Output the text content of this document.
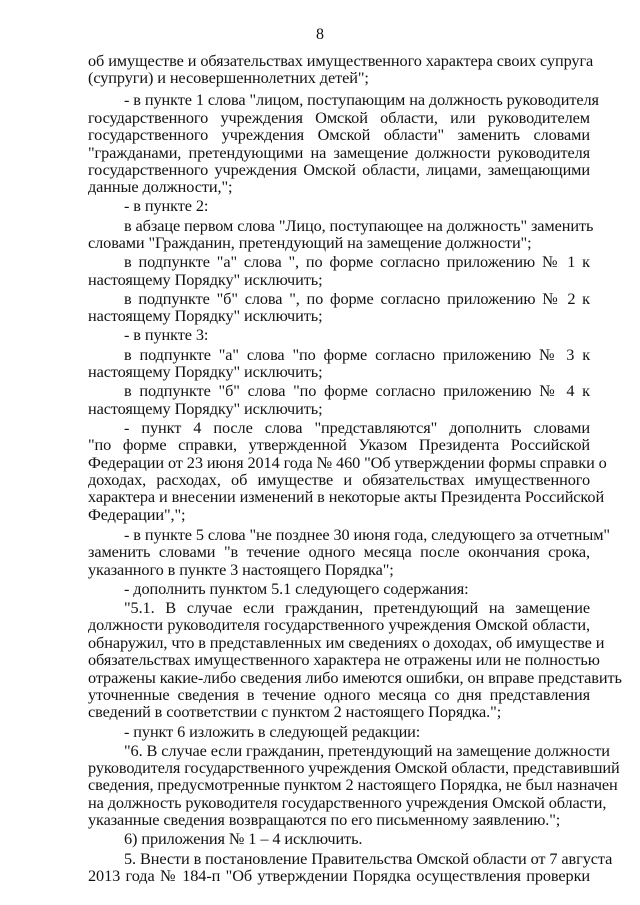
8
об имуществе и обязательствах имущественного характера своих супруга
(супруги) и несовершеннолетних детей";
- в пункте 1 слова "лицом, поступающим на должность руководителя
государственного учреждения Омской области, или руководителем
государственного учреждения Омской области" заменить словами
"гражданами, претендующими на замещение должности руководителя
государственного учреждения Омской области, лицами, замещающими
данные должности,";
- в пункте 2:
в абзаце первом слова "Лицо, поступающее на должность" заменить
словами "Гражданин, претендующий на замещение должности";
в подпункте "а" слова ", по форме согласно приложению № 1 к
настоящему Порядку" исключить;
в подпункте "б" слова ", по форме согласно приложению № 2 к
настоящему Порядку" исключить;
- в пункте 3:
в подпункте "а" слова "по форме согласно приложению № 3 к
настоящему Порядку" исключить;
в подпункте "б" слова "по форме согласно приложению № 4 к
настоящему Порядку" исключить;
- пункт 4 после слова "представляются" дополнить словами
"по форме справки, утвержденной Указом Президента Российской
Федерации от 23 июня 2014 года № 460 "Об утверждении формы справки о
доходах, расходах, об имуществе и обязательствах имущественного
характера и внесении изменений в некоторые акты Президента Российской
Федерации",";
- в пункте 5 слова "не позднее 30 июня года, следующего за отчетным"
заменить словами "в течение одного месяца после окончания срока,
указанного в пункте 3 настоящего Порядка";
- дополнить пунктом 5.1 следующего содержания:
"5.1. В случае если гражданин, претендующий на замещение
должности руководителя государственного учреждения Омской области,
обнаружил, что в представленных им сведениях о доходах, об имуществе и
обязательствах имущественного характера не отражены или не полностью
отражены какие-либо сведения либо имеются ошибки, он вправе представить
уточненные сведения в течение одного месяца со дня представления
сведений в соответствии с пунктом 2 настоящего Порядка.";
- пункт 6 изложить в следующей редакции:
"6. В случае если гражданин, претендующий на замещение должности
руководителя государственного учреждения Омской области, представивший
сведения, предусмотренные пунктом 2 настоящего Порядка, не был назначен
на должность руководителя государственного учреждения Омской области,
указанные сведения возвращаются по его письменному заявлению.";
6) приложения № 1 – 4 исключить.
5. Внести в постановление Правительства Омской области от 7 августа
2013 года № 184-п "Об утверждении Порядка осуществления проверки
